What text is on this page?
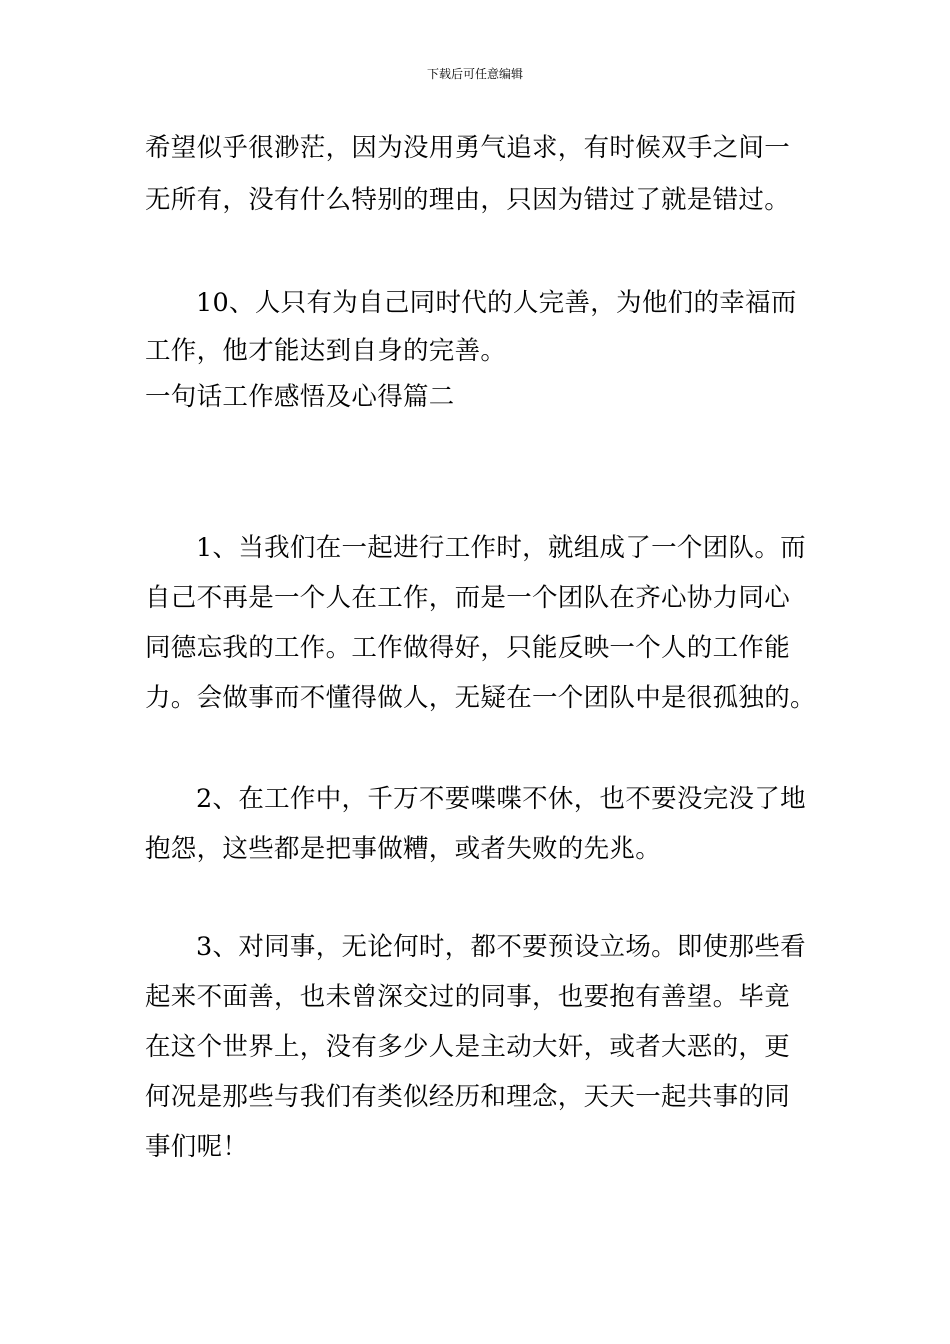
下载后可任意编辑
希望似乎很渺茫，因为没用勇气追求，有时候双手之间一
无所有，没有什么特别的理由，只因为错过了就是错过。
10、人只有为自己同时代的人完善，为他们的幸福而
工作，他才能达到自身的完善。
一句话工作感悟及心得篇二
1、当我们在一起进行工作时，就组成了一个团队。而
自己不再是一个人在工作，而是一个团队在齐心协力同心
同德忘我的工作。工作做得好，只能反映一个人的工作能
力。会做事而不懂得做人，无疑在一个团队中是很孤独的。
2、在工作中，千万不要喋喋不休，也不要没完没了地
抱怨，这些都是把事做糟，或者失败的先兆。
3、对同事，无论何时，都不要预设立场。即使那些看
起来不面善，也未曾深交过的同事，也要抱有善望。毕竟
在这个世界上，没有多少人是主动大奸，或者大恶的，更
何况是那些与我们有类似经历和理念，天天一起共事的同
事们呢！
